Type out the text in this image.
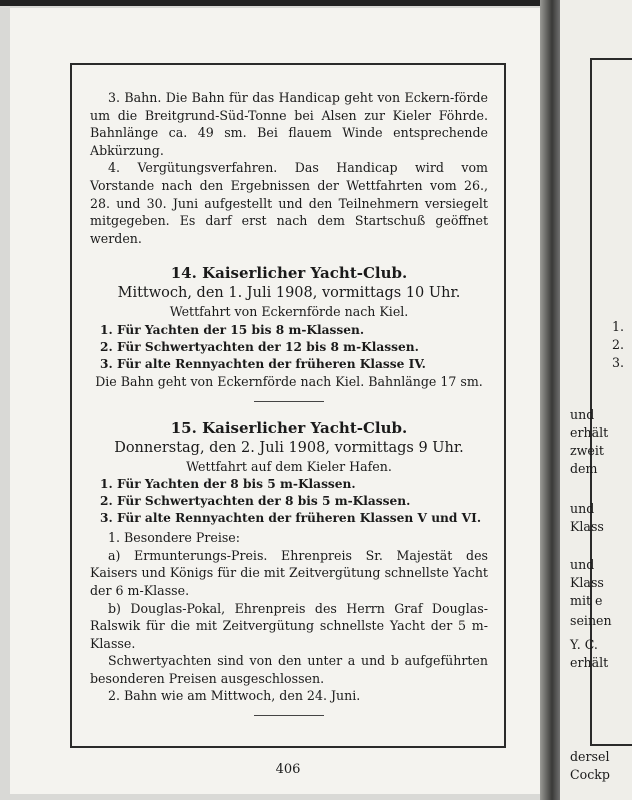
3. Bahn. Die Bahn für das Handicap geht von Eckern-förde um die Breitgrund-Süd-Tonne bei Alsen zur Kieler Föhrde. Bahnlänge ca. 49 sm. Bei flauem Winde entsprechende Abkürzung.

4. Vergütungsverfahren. Das Handicap wird vom Vorstande nach den Ergebnissen der Wettfahrten vom 26., 28. und 30. Juni aufgestellt und den Teilnehmern versiegelt mitgegeben. Es darf erst nach dem Startschuß geöffnet werden.

14. Kaiserlicher Yacht-Club.

Mittwoch, den 1. Juli 1908, vormittags 10 Uhr.

Wettfahrt von Eckernförde nach Kiel.

1. Für Yachten der 15 bis 8 m-Klassen.
2. Für Schwertyachten der 12 bis 8 m-Klassen.
3. Für alte Rennyachten der früheren Klasse IV.

Die Bahn geht von Eckernförde nach Kiel. Bahnlänge 17 sm.

15. Kaiserlicher Yacht-Club.

Donnerstag, den 2. Juli 1908, vormittags 9 Uhr.

Wettfahrt auf dem Kieler Hafen.

1. Für Yachten der 8 bis 5 m-Klassen.
2. Für Schwertyachten der 8 bis 5 m-Klassen.
3. Für alte Rennyachten der früheren Klassen V und VI.

1. Besondere Preise:

a) Ermunterungs-Preis. Ehrenpreis Sr. Majestät des Kaisers und Königs für die mit Zeitvergütung schnellste Yacht der 6 m-Klasse.

b) Douglas-Pokal, Ehrenpreis des Herrn Graf Douglas-Ralswik für die mit Zeitvergütung schnellste Yacht der 5 m-Klasse.

Schwertyachten sind von den unter a und b aufgeführten besonderen Preisen ausgeschlossen.

2. Bahn wie am Mittwoch, den 24. Juni.

406
1.
2.
3.
und
erhält
zweit
dem
und
Klass
und
Klass
mit e
seinen
Y. C.
erhält
dersel
Cockp
